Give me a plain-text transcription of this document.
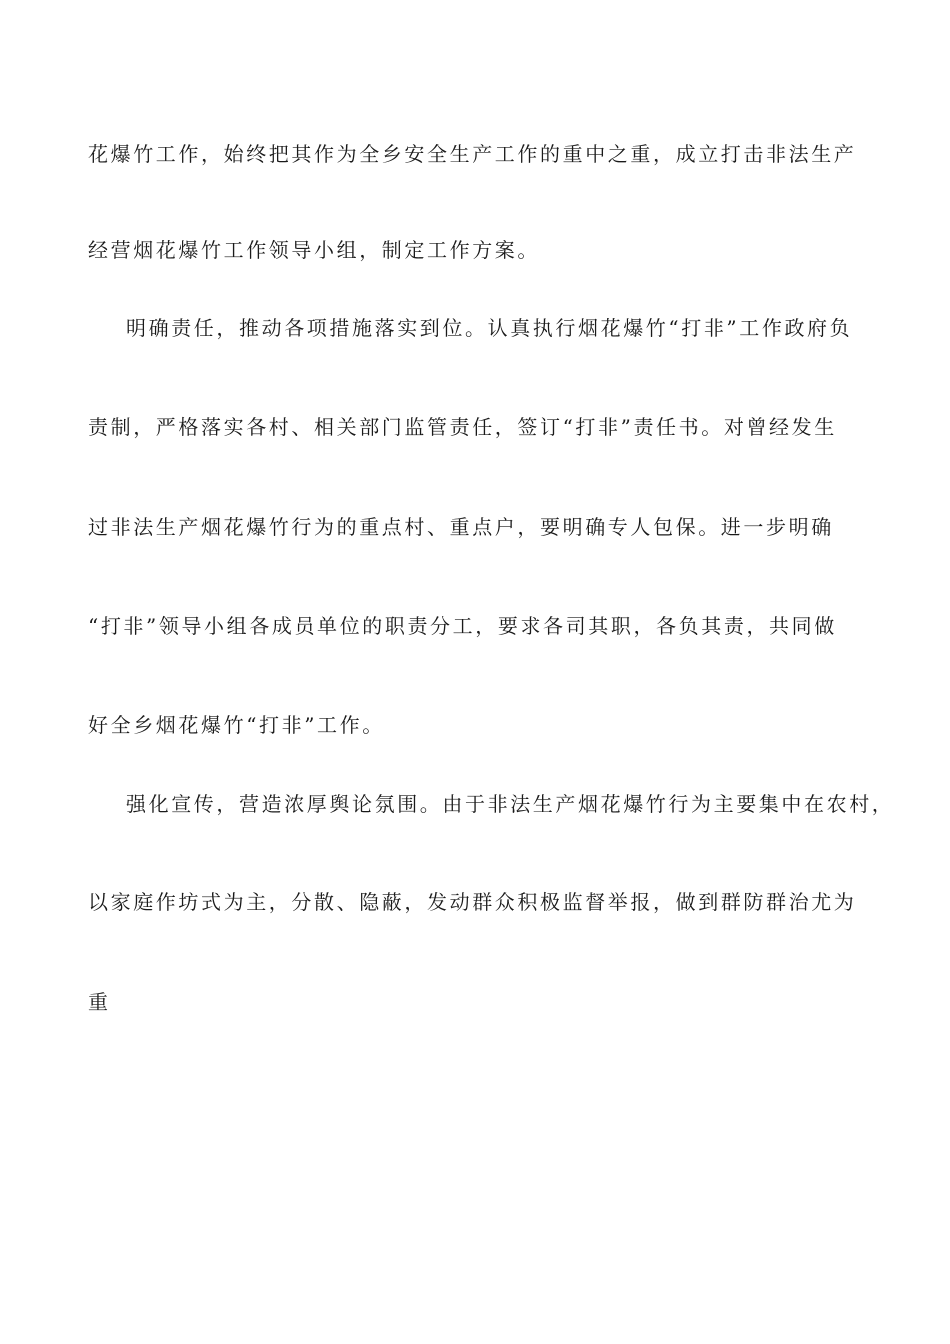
花爆竹工作，始终把其作为全乡安全生产工作的重中之重，成立打击非法生产
经营烟花爆竹工作领导小组，制定工作方案。
明确责任，推动各项措施落实到位。认真执行烟花爆竹“打非”工作政府负
责制，严格落实各村、相关部门监管责任，签订“打非”责任书。对曾经发生
过非法生产烟花爆竹行为的重点村、重点户，要明确专人包保。进一步明确
“打非”领导小组各成员单位的职责分工，要求各司其职，各负其责，共同做
好全乡烟花爆竹“打非”工作。
强化宣传，营造浓厚舆论氛围。由于非法生产烟花爆竹行为主要集中在农村，
以家庭作坊式为主，分散、隐蔽，发动群众积极监督举报，做到群防群治尤为
重
